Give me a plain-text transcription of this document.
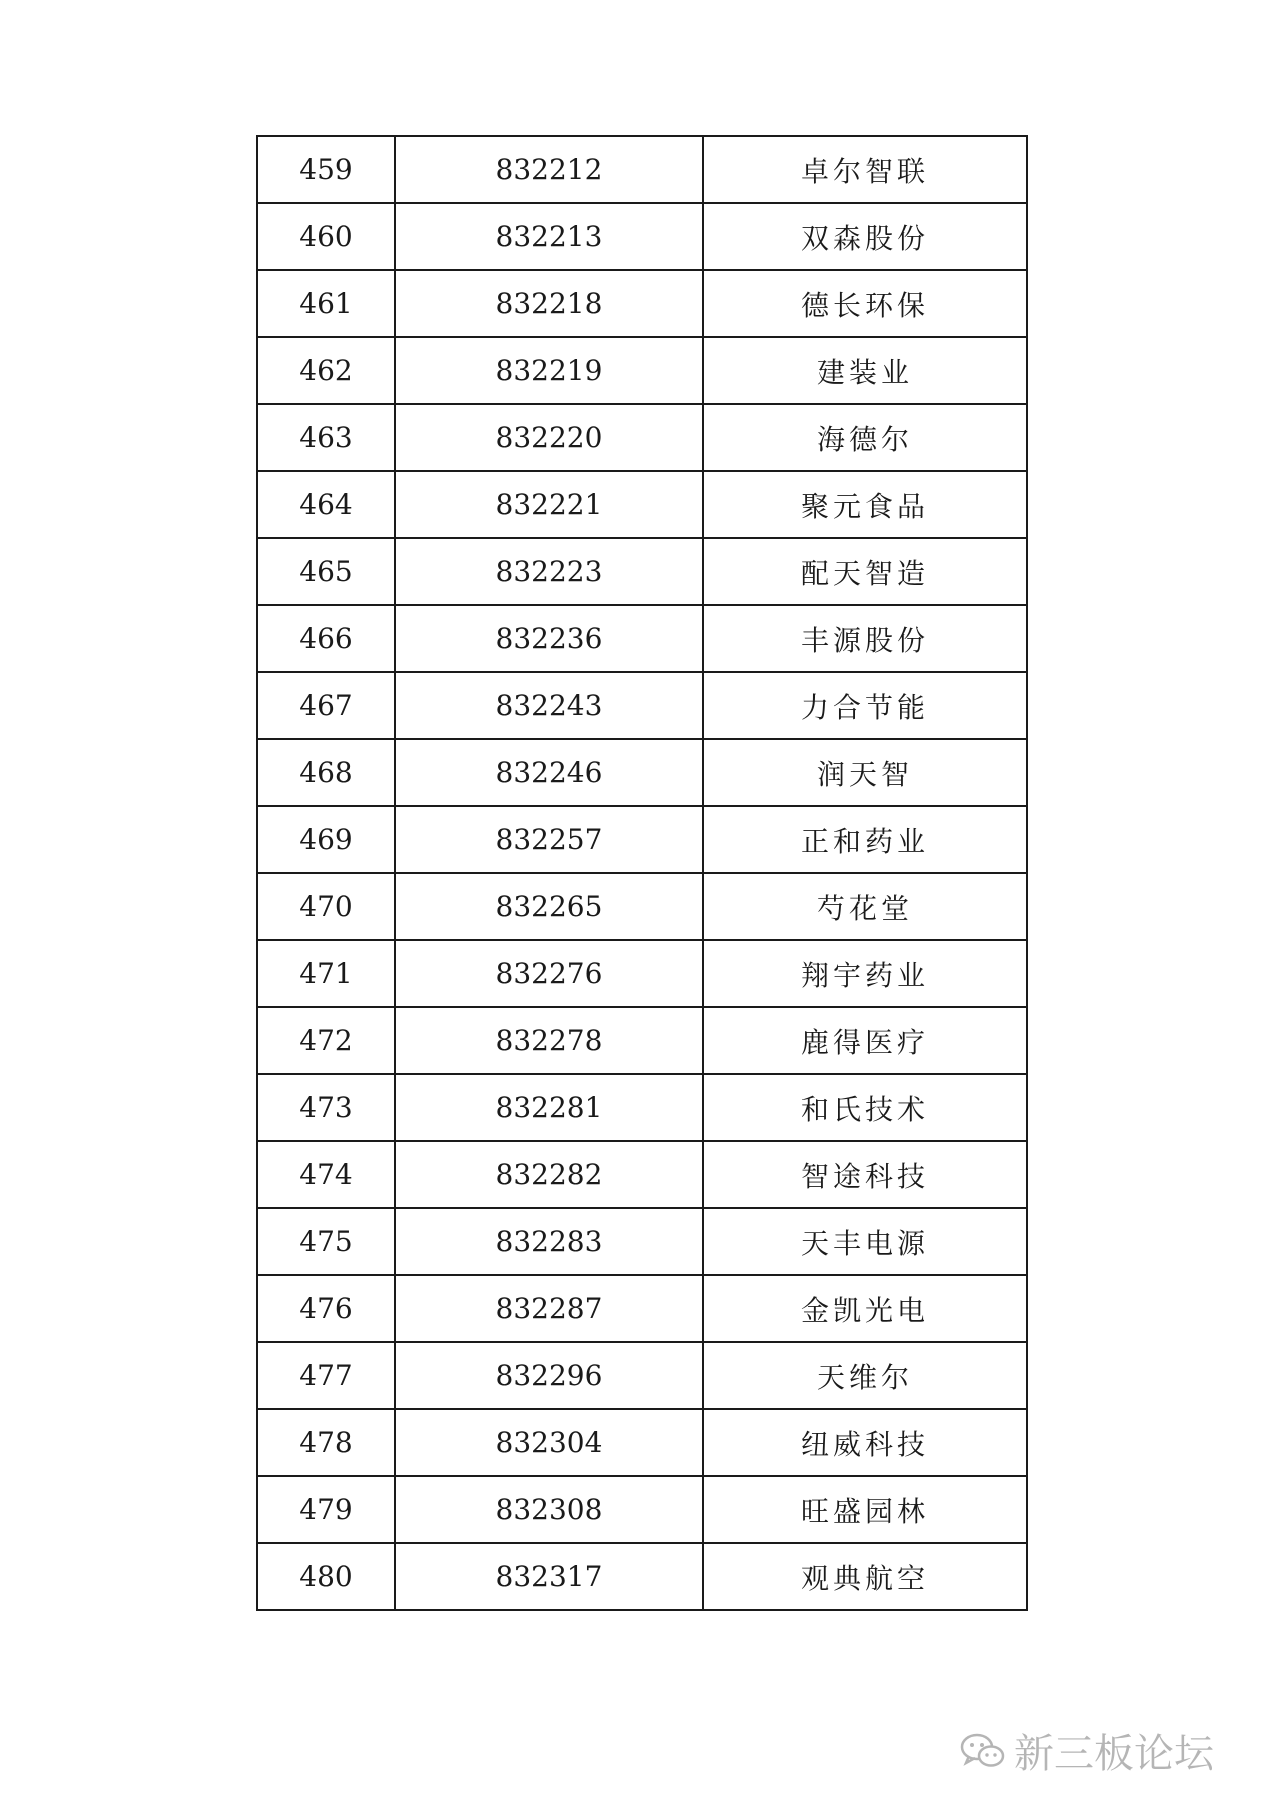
459	832212	卓尔智联
460	832213	双森股份
461	832218	德长环保
462	832219	建装业
463	832220	海德尔
464	832221	聚元食品
465	832223	配天智造
466	832236	丰源股份
467	832243	力合节能
468	832246	润天智
469	832257	正和药业
470	832265	芍花堂
471	832276	翔宇药业
472	832278	鹿得医疗
473	832281	和氏技术
474	832282	智途科技
475	832283	天丰电源
476	832287	金凯光电
477	832296	天维尔
478	832304	纽威科技
479	832308	旺盛园林
480	832317	观典航空
新三板论坛
